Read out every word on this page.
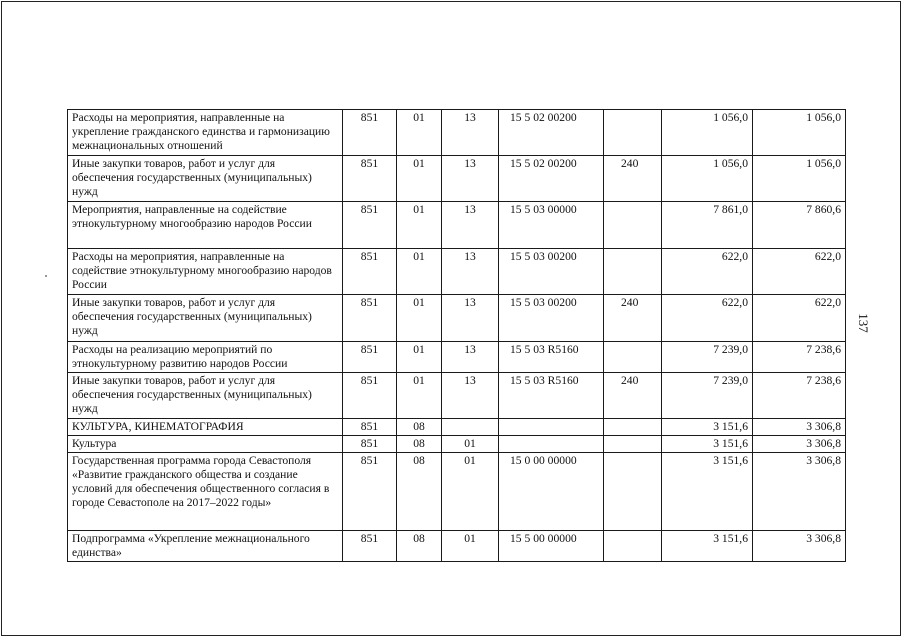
Расходы на мероприятия, направленные на укрепление гражданского единства и гармонизацию межнациональных отношений	851	01	13	15 5 02 00200		1 056,0	1 056,0
Иные закупки товаров, работ и услуг для обеспечения государственных (муниципальных) нужд	851	01	13	15 5 02 00200	240	1 056,0	1 056,0
Мероприятия, направленные на содействие этнокультурному многообразию народов России	851	01	13	15 5 03 00000		7 861,0	7 860,6
Расходы на мероприятия, направленные на содействие этнокультурному многообразию народов России	851	01	13	15 5 03 00200		622,0	622,0
Иные закупки товаров, работ и услуг для обеспечения государственных (муниципальных) нужд	851	01	13	15 5 03 00200	240	622,0	622,0
Расходы на реализацию мероприятий по этнокультурному развитию народов России	851	01	13	15 5 03 R5160		7 239,0	7 238,6
Иные закупки товаров, работ и услуг для обеспечения государственных (муниципальных) нужд	851	01	13	15 5 03 R5160	240	7 239,0	7 238,6
КУЛЬТУРА, КИНЕМАТОГРАФИЯ	851	08				3 151,6	3 306,8
Культура	851	08	01			3 151,6	3 306,8
Государственная программа города Севастополя «Развитие гражданского общества и создание условий для обеспечения общественного согласия в городе Севастополе на 2017–2022 годы»	851	08	01	15 0 00 00000		3 151,6	3 306,8
Подпрограмма «Укрепление межнационального единства»	851	08	01	15 5 00 00000		3 151,6	3 306,8
137
